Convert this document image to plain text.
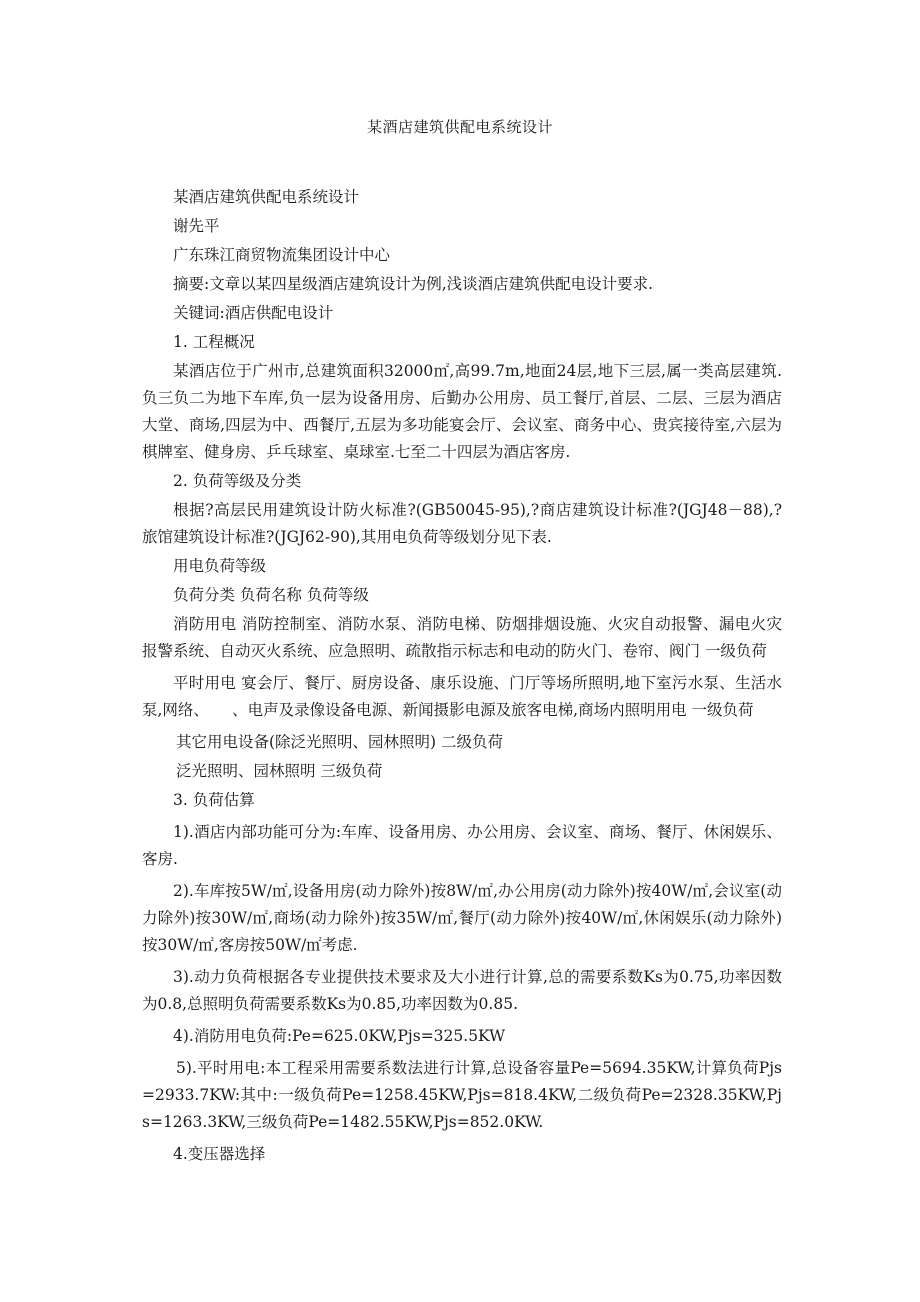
某酒店建筑供配电系统设计

某酒店建筑供配电系统设计

谢先平

广东珠江商贸物流集团设计中心

摘要:文章以某四星级酒店建筑设计为例,浅谈酒店建筑供配电设计要求.

关键词:酒店供配电设计

1. 工程概况

某酒店位于广州市,总建筑面积32000㎡,高99.7m,地面24层,地下三层,属一类高层建筑.负三负二为地下车库,负一层为设备用房、后勤办公用房、员工餐厅,首层、二层、三层为酒店大堂、商场,四层为中、西餐厅,五层为多功能宴会厅、会议室、商务中心、贵宾接待室,六层为棋牌室、健身房、乒乓球室、桌球室.七至二十四层为酒店客房.

2. 负荷等级及分类

根据?高层民用建筑设计防火标准?(GB50045-95),?商店建筑设计标准?(JGJ48－88),?旅馆建筑设计标准?(JGJ62-90),其用电负荷等级划分见下表.

用电负荷等级

负荷分类 负荷名称 负荷等级

消防用电 消防控制室、消防水泵、消防电梯、防烟排烟设施、火灾自动报警、漏电火灾报警系统、自动灭火系统、应急照明、疏散指示标志和电动的防火门、卷帘、阀门 一级负荷

平时用电 宴会厅、餐厅、厨房设备、康乐设施、门厅等场所照明,地下室污水泵、生活水泵,网络、　　、电声及录像设备电源、新闻摄影电源及旅客电梯,商场内照明用电 一级负荷

其它用电设备(除泛光照明、园林照明) 二级负荷

泛光照明、园林照明 三级负荷

3. 负荷估算

1).酒店内部功能可分为:车库、设备用房、办公用房、会议室、商场、餐厅、休闲娱乐、客房.

2).车库按5W/㎡,设备用房(动力除外)按8W/㎡,办公用房(动力除外)按40W/㎡,会议室(动力除外)按30W/㎡,商场(动力除外)按35W/㎡,餐厅(动力除外)按40W/㎡,休闲娱乐(动力除外)按30W/㎡,客房按50W/㎡考虑.

3).动力负荷根据各专业提供技术要求及大小进行计算,总的需要系数Ks为0.75,功率因数为0.8,总照明负荷需要系数Ks为0.85,功率因数为0.85.

4).消防用电负荷:Pe=625.0KW,Pjs=325.5KW

5).平时用电:本工程采用需要系数法进行计算,总设备容量Pe=5694.35KW,计算负荷Pjs=2933.7KW:其中:一级负荷Pe=1258.45KW,Pjs=818.4KW,二级负荷Pe=2328.35KW,Pjs=1263.3KW,三级负荷Pe=1482.55KW,Pjs=852.0KW.

4.变压器选择
